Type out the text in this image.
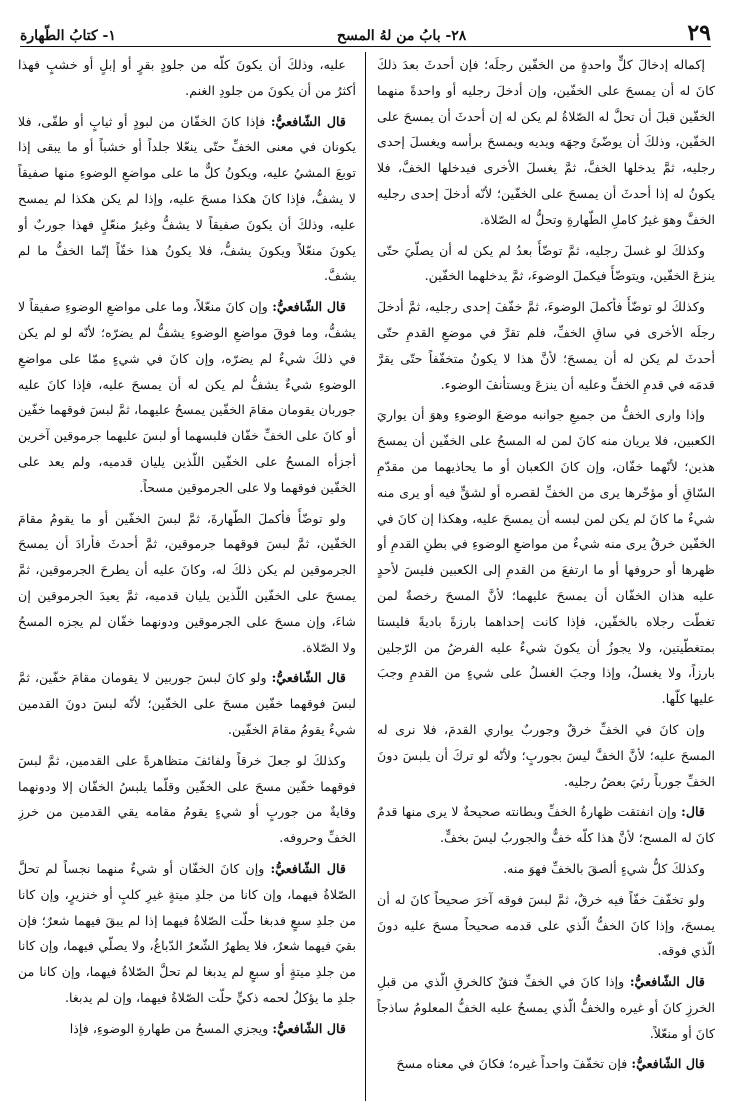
٢٩
٢٨- بابُ من لهُ المسح
١- كتابُ الطّهارة

إكماله إدخالَ كلٍّ واحدةٍ من الخفّين رجلَه؛ فإن أحدثَ بعدَ ذلكَ كانَ له أن يمسحَ على الخفّين، وإن أدخلَ رجليه أو واحدةً منهما الخفّين قبلَ أن تحلَّ له الصّلاةُ لم يكن له إن أحدثَ أن يمسحَ على الخفّين، وذلكَ أن يوضّئَ وجهَه ويديه ويمسحَ برأسه ويغسلَ إحدى رجليه، ثمَّ يدخلها الخفَّ، ثمَّ يغسلَ الأخرى فيدخلها الخفَّ، فلا يكونُ له إذا أحدثَ أن يمسحَ على الخفّين؛ لأنّه أدخلَ إحدى رجليه الخفَّ وهوَ غيرُ كاملِ الطّهارةِ وتحلُّ له الصّلاة.

وكذلكَ لو غسلَ رجليه، ثمَّ توضّأَ بعدُ لم يكن له أن يصلّيَ حتّى ينزعَ الخفّين، ويتوضّأَ فيكملَ الوضوءَ، ثمَّ يدخلهما الخفّين.

وكذلكَ لو توضّأَ فأكملَ الوضوءَ، ثمَّ خفّفَ إحدى رجليه، ثمَّ أدخلَ رجلَه الأخرى في ساقِ الخفِّ، فلم تقرَّ في موضعِ القدمِ حتّى أحدثَ لم يكن له أن يمسحَ؛ لأنَّ هذا لا يكونُ متخفّفاً حتّى يقرَّ قدمَه في قدمِ الخفِّ وعليه أن ينزعَ ويستأنفَ الوضوء.

وإذا وارى الخفُّ من جميعِ جوانبه موضعَ الوضوءِ وهوَ أن يواريَ الكعبين، فلا يريان منه كانَ لمن له المسحُ على الخفّين أن يمسحَ هذين؛ لأنّهما خفّان، وإن كانَ الكعبان أو ما يحاذيهما من مقدّمِ السّاقِ أو مؤخّرها يرى من الخفِّ لقصره أو لشقٍّ فيه أو يرى منه شيءٌ ما كانَ لم يكن لمن لبسه أن يمسحَ عليه، وهكذا إن كانَ في الخفّين خرقٌ يرى منه شيءٌ من مواضعِ الوضوءِ في بطنِ القدمِ أو ظهرها أو حروفها أو ما ارتفعَ من القدمِ إلى الكعبين فليسَ لأحدٍ عليه هذان الخفّان أن يمسحَ عليهما؛ لأنَّ المسحَ رخصةٌ لمن تغطّت رجلاه بالخفّين، فإذا كانت إحداهما بارزةً باديةً فليستا بمتغطّيتين، ولا يجوزُ أن يكونَ شيءٌ عليه الفرضُ من الرّجلين بارزاً، ولا يغسلُ، وإذا وجبَ الغسلُ على شيءٍ من القدمِ وجبَ عليها كلّها.

وإن كانَ في الخفِّ خرقٌ وجوربٌ يواري القدمَ، فلا نرى له المسحَ عليه؛ لأنَّ الخفَّ ليسَ بجوربٍ؛ ولأنّه لو تركَ أن يلبسَ دونَ الخفِّ جورباً رئيَ بعضُ رجليه.

قال: وإن انفتقت ظهارةُ الخفِّ وبطانته صحيحةٌ لا يرى منها قدمٌ كانَ له المسح؛ لأنَّ هذا كلّه خفٌّ والجوربُ ليسَ بخفٍّ.

وكذلكَ كلُّ شيءٍ ألصقَ بالخفِّ فهوَ منه.

ولو تخفّفَ خفّاً فيه خرقٌ، ثمَّ لبسَ فوقه آخرَ صحيحاً كانَ له أن يمسحَ، وإذا كانَ الخفُّ الّذي على قدمه صحيحاً مسحَ عليه دونَ الّذي فوقه.

قال الشّافعيُّ: وإذا كانَ في الخفِّ فتقٌ كالخرقِ الّذي من قبلِ الخرزِ كانَ أو غيره والخفُّ الّذي يمسحُ عليه الخفُّ المعلومُ ساذجاً كانَ أو منعّلاً.

قال الشّافعيُّ: فإن تخفّفَ واحداً غيره؛ فكانَ في معناه مسحَ

عليه، وذلكَ أن يكونَ كلّه من جلودٍ بقرٍ أو إبلٍ أو خشبٍ فهذا أكثرُ من أن يكونَ من جلودِ الغنم.

قال الشّافعيُّ: فإذا كانَ الخفّان من لبودٍ أو ثيابٍ أو طفّى، فلا يكونان في معنى الخفِّ حتّى ينعّلا جلداً أو خشباً أو ما يبقى إذا توبعَ المشيُ عليه، ويكونُ كلٌّ ما على مواضعِ الوضوءِ منها صفيقاً لا يشفُّ، فإذا كانَ هكذا مسحَ عليه، وإذا لم يكن هكذا لم يمسح عليه، وذلكَ أن يكونَ صفيقاً لا يشفُّ وغيرُ منعّلٍ فهذا جوربٌ أو يكونَ منعّلاً ويكونَ يشفُّ، فلا يكونُ هذا خفّاً إنّما الخفُّ ما لم يشفَّ.

قال الشّافعيُّ: وإن كانَ منعّلاً، وما على مواضعِ الوضوءِ صفيقاً لا يشفُّ، وما فوقَ مواضعِ الوضوءِ يشفُّ لم يضرّه؛ لأنّه لو لم يكن في ذلكَ شيءٌ لم يضرّه، وإن كانَ في شيءٍ ممّا على مواضعِ الوضوءِ شيءٌ يشفُّ لم يكن له أن يمسحَ عليه، فإذا كانَ عليه جوربان يقومان مقامَ الخفّين يمسحُ عليهما، ثمَّ لبسَ فوقهما خفّين أو كانَ على الخفِّ خفّان فلبسهما أو لبسَ عليهما جرموقين آخرين أجزأه المسحُ على الخفّين اللّذين يليان قدميه، ولم يعد على الخفّين فوقهما ولا على الجرموقين مسحاً.

ولو توضّأَ فأكملَ الطّهارةَ، ثمَّ لبسَ الخفّين أو ما يقومُ مقامَ الخفّين، ثمَّ لبسَ فوقهما جرموقين، ثمَّ أحدثَ فأرادَ أن يمسحَ الجرموقين لم يكن ذلكَ له، وكانَ عليه أن يطرحَ الجرموقين، ثمَّ يمسحَ على الخفّين اللّذين يليان قدميه، ثمَّ يعيدَ الجرموقين إن شاءَ، وإن مسحَ على الجرموقين ودونهما خفّان لم يجزه المسحُ ولا الصّلاة.

قال الشّافعيُّ: ولو كانَ لبسَ جوربين لا يقومان مقامَ خفّين، ثمَّ لبسَ فوقهما خفّين مسحَ على الخفّين؛ لأنّه لبسَ دونَ القدمين شيءٌ يقومُ مقامَ الخفّين.

وكذلكَ لو جعلَ خرقاً ولفائفَ متظاهرةً على القدمين، ثمَّ لبسَ فوقهما خفّين مسحَ على الخفّين وقلّما يلبسُ الخفّان إلا ودونهما وقايةٌ من جوربٍ أو شيءٍ يقومُ مقامه يقي القدمين من خرزِ الخفِّ وحروفه.

قال الشّافعيُّ: وإن كانَ الخفّان أو شيءٌ منهما نجساً لم تحلَّ الصّلاةُ فيهما، وإن كانا من جلدِ ميتةٍ غيرِ كلبٍ أو خنزيرٍ، وإن كانا من جلدِ سبعٍ فدبغا حلّت الصّلاةُ فيهما إذا لم يبقَ فيهما شعرٌ؛ فإن بقيَ فيهما شعرٌ، فلا يطهرُ الشّعرُ الدّباغُ، ولا يصلّي فيهما، وإن كانا من جلدِ ميتةٍ أو سبعٍ لم يدبغا لم تحلَّ الصّلاةُ فيهما، وإن كانا من جلدِ ما يؤكلُ لحمه ذكيٍّ حلّت الصّلاةُ فيهما، وإن لم يدبغا.

قال الشّافعيُّ: ويجزي المسحُ من طهارةِ الوضوءِ، فإذا
